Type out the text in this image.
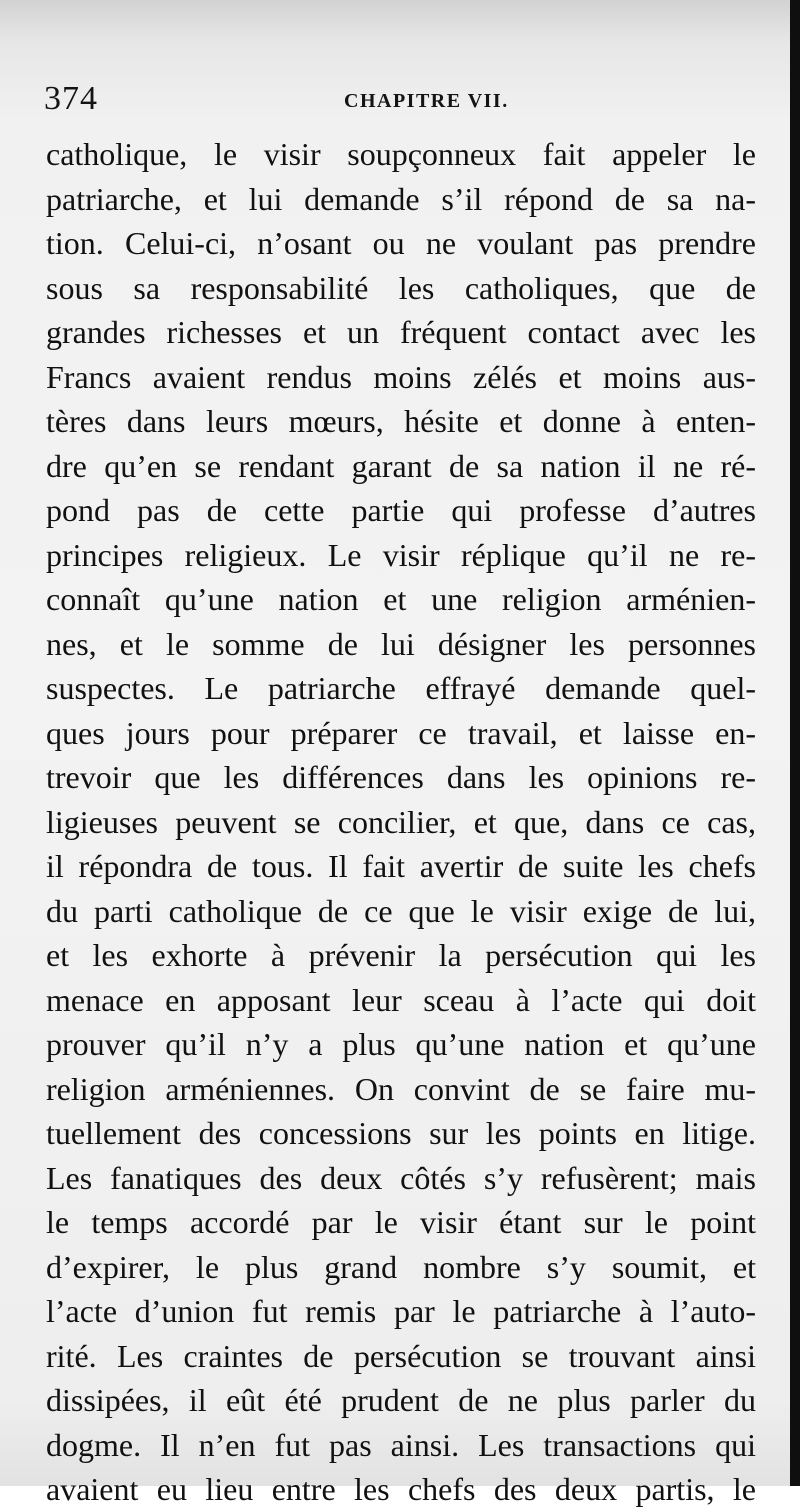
374	CHAPITRE VII.
catholique, le visir soupçonneux fait appeler le
patriarche, et lui demande s’il répond de sa na-
tion. Celui-ci, n’osant ou ne voulant pas prendre
sous sa responsabilité les catholiques, que de
grandes richesses et un fréquent contact avec les
Francs avaient rendus moins zélés et moins aus-
tères dans leurs mœurs, hésite et donne à enten-
dre qu’en se rendant garant de sa nation il ne ré-
pond pas de cette partie qui professe d’autres
principes religieux. Le visir réplique qu’il ne re-
connaît qu’une nation et une religion arménien-
nes, et le somme de lui désigner les personnes
suspectes. Le patriarche effrayé demande quel-
ques jours pour préparer ce travail, et laisse en-
trevoir que les différences dans les opinions re-
ligieuses peuvent se concilier, et que, dans ce cas,
il répondra de tous. Il fait avertir de suite les chefs
du parti catholique de ce que le visir exige de lui,
et les exhorte à prévenir la persécution qui les
menace en apposant leur sceau à l’acte qui doit
prouver qu’il n’y a plus qu’une nation et qu’une
religion arméniennes. On convint de se faire mu-
tuellement des concessions sur les points en litige.
Les fanatiques des deux côtés s’y refusèrent; mais
le temps accordé par le visir étant sur le point
d’expirer, le plus grand nombre s’y soumit, et
l’acte d’union fut remis par le patriarche à l’auto-
rité. Les craintes de persécution se trouvant ainsi
dissipées, il eût été prudent de ne plus parler du
dogme. Il n’en fut pas ainsi. Les transactions qui
avaient eu lieu entre les chefs des deux partis, le
